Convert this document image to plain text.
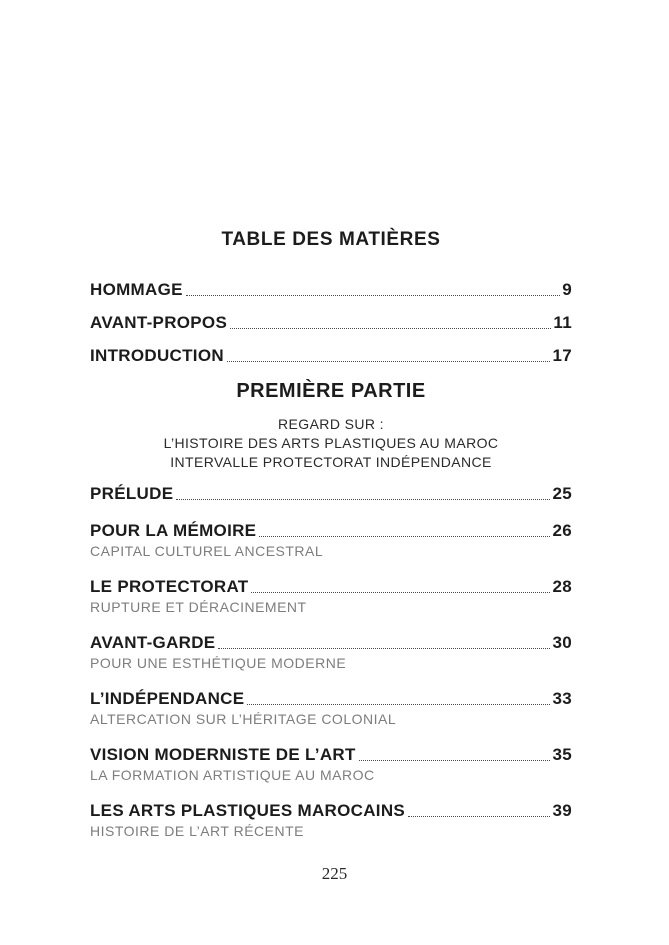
TABLE DES MATIÈRES
HOMMAGE	9
AVANT-PROPOS	11
INTRODUCTION	17
PREMIÈRE PARTIE
REGARD SUR :
L’HISTOIRE DES ARTS PLASTIQUES AU MAROC
INTERVALLE PROTECTORAT INDÉPENDANCE
PRÉLUDE	25
POUR LA MÉMOIRE	26
CAPITAL CULTUREL ANCESTRAL
LE PROTECTORAT	28
RUPTURE ET DÉRACINEMENT
AVANT-GARDE	30
POUR UNE ESTHÉTIQUE MODERNE
L’INDÉPENDANCE	33
ALTERCATION SUR L’HÉRITAGE COLONIAL
VISION MODERNISTE DE L’ART	35
LA FORMATION ARTISTIQUE AU MAROC
LES ARTS PLASTIQUES MAROCAINS	39
HISTOIRE DE L’ART RÉCENTE
225
